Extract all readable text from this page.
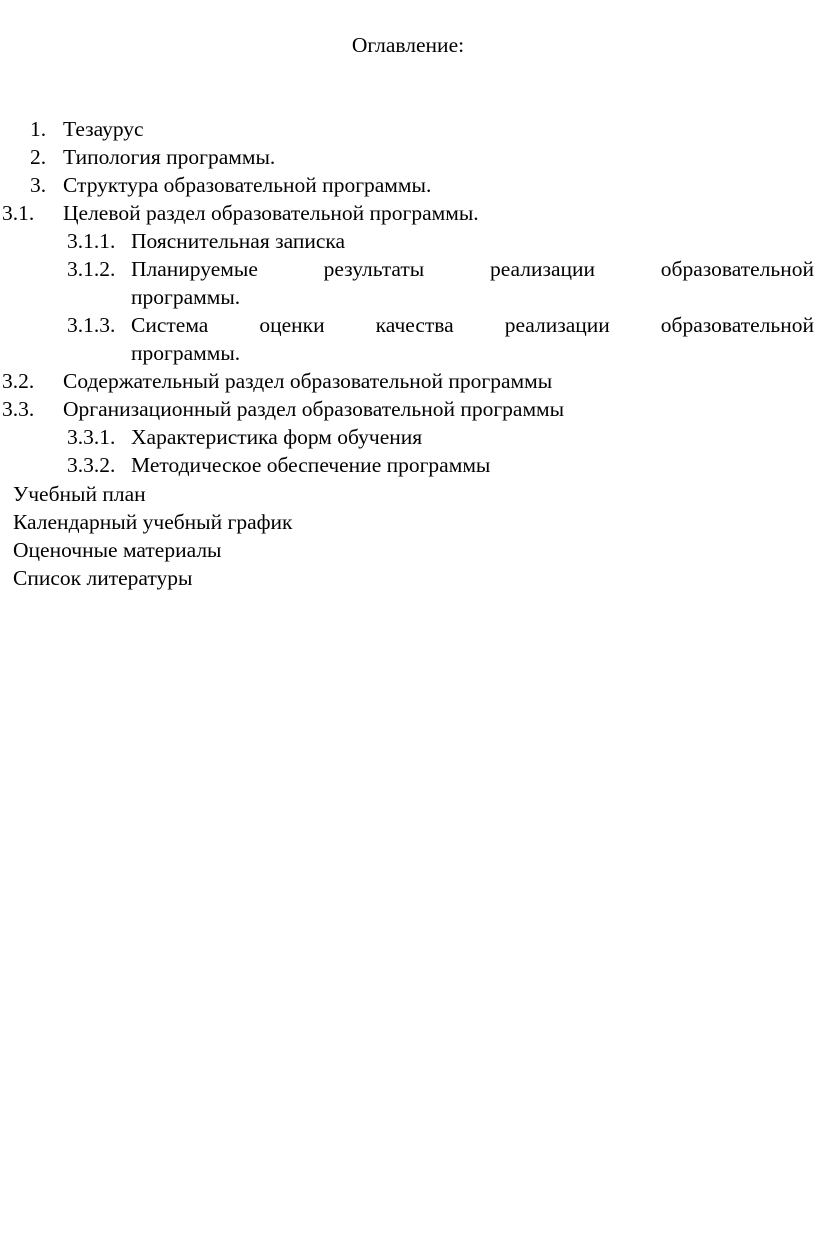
Оглавление:
1. Тезаурус
2. Типология программы.
3. Структура образовательной программы.
3.1. Целевой раздел образовательной программы.
3.1.1. Пояснительная записка
3.1.2. Планируемые результаты реализации образовательной
программы.
3.1.3. Система оценки качества реализации образовательной
программы.
3.2. Содержательный раздел образовательной программы
3.3. Организационный раздел образовательной программы
3.3.1. Характеристика форм обучения
3.3.2. Методическое обеспечение программы
Учебный план
Календарный учебный график
Оценочные материалы
Список литературы
